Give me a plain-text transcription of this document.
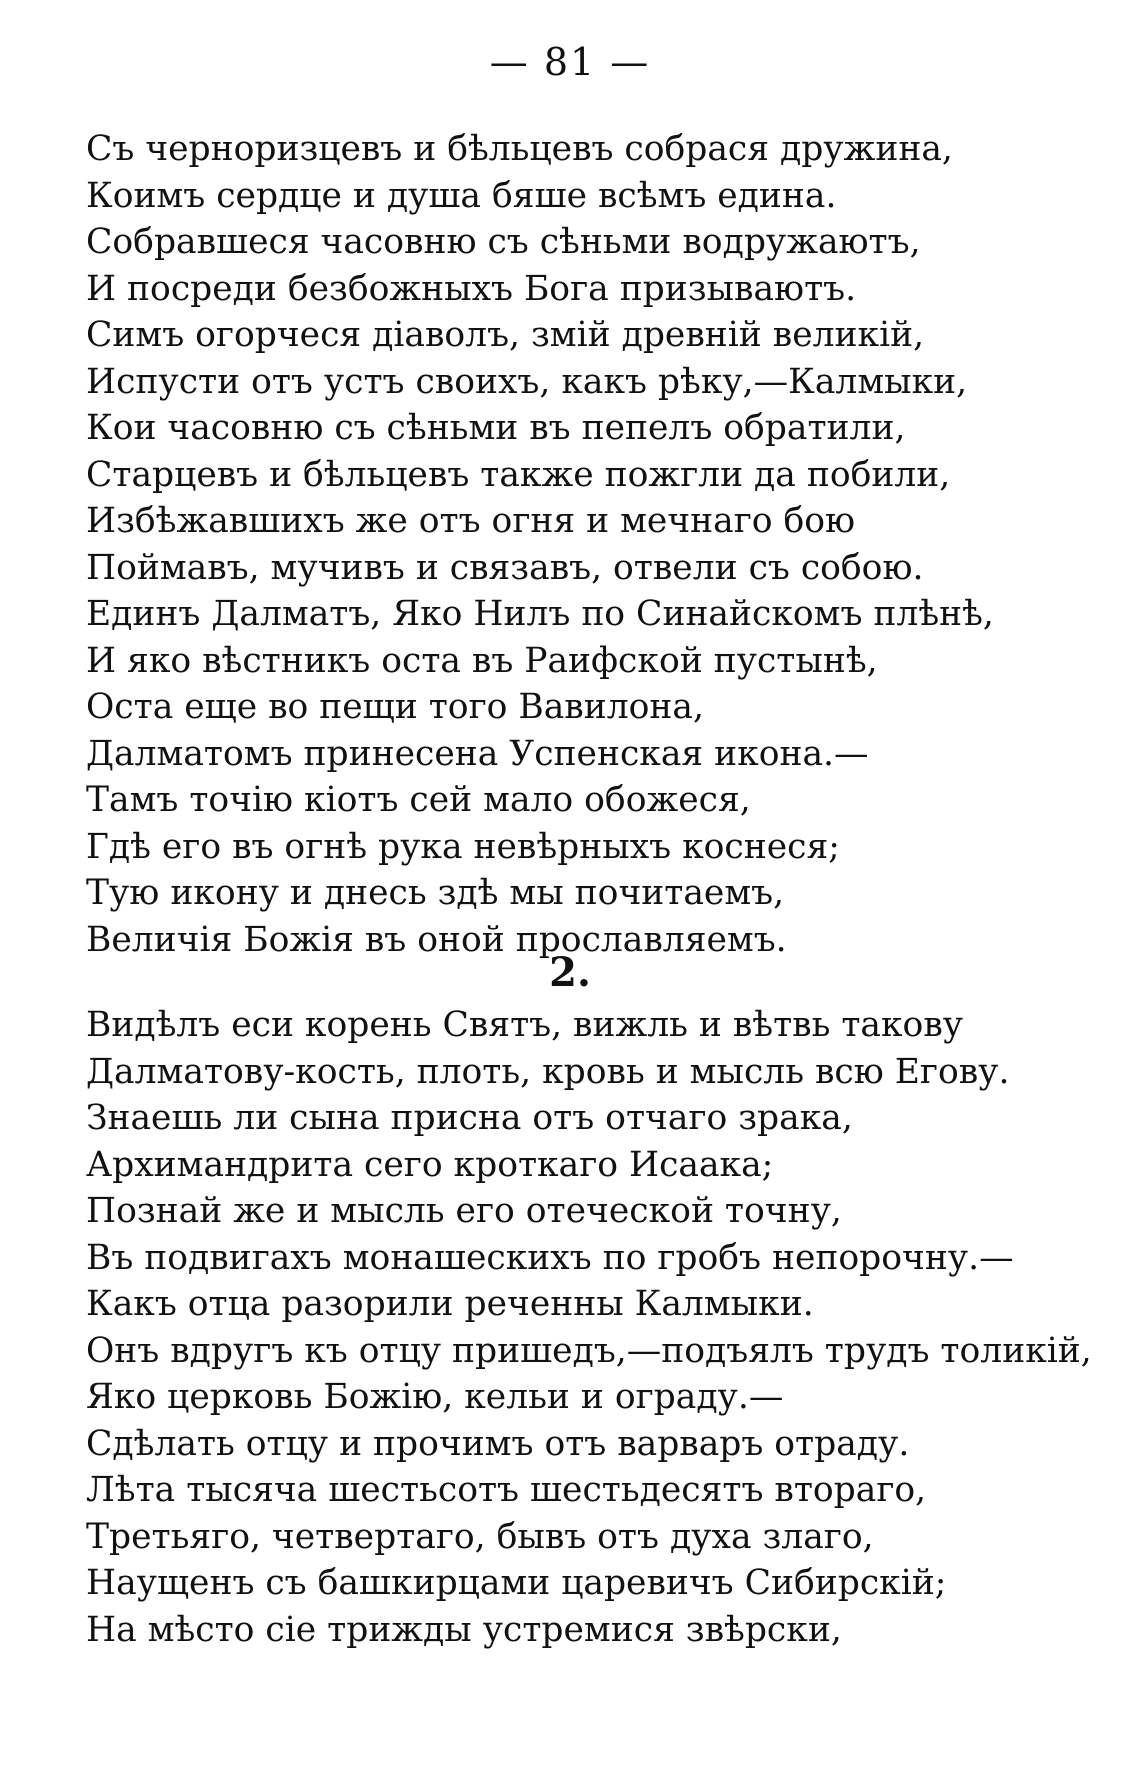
— 81 —
Съ черноризцевъ и бѣльцевъ собрася дружина,
Коимъ сердце и душа бяше всѣмъ едина.
Собравшеся часовню съ сѣньми водружаютъ,
И посреди безбожныхъ Бога призываютъ.
Симъ огорчеся діаволъ, змій древній великій,
Испусти отъ устъ своихъ, какъ рѣку,—Калмыки,
Кои часовню съ сѣньми въ пепелъ обратили,
Старцевъ и бѣльцевъ также пожгли да побили,
Избѣжавшихъ же отъ огня и мечнаго бою
Поймавъ, мучивъ и связавъ, отвели съ собою.
Единъ Далматъ, Яко Нилъ по Синайскомъ плѣнѣ,
И яко вѣстникъ оста въ Раифской пустынѣ,
Оста еще во пещи того Вавилона,
Далматомъ принесена Успенская икона.—
Тамъ точію кіотъ сей мало обожеся,
Гдѣ его въ огнѣ рука невѣрныхъ коснеся;
Тую икону и днесь здѣ мы почитаемъ,
Величія Божія въ оной прославляемъ.
2.
Видѣлъ еси корень Святъ, вижль и вѣтвь такову
Далматову-кость, плоть, кровь и мысль всю Егову.
Знаешь ли сына присна отъ отчаго зрака,
Архимандрита сего кроткаго Исаака;
Познай же и мысль его отеческой точну,
Въ подвигахъ монашескихъ по гробъ непорочну.—
Какъ отца разорили реченны Калмыки.
Онъ вдругъ къ отцу пришедъ,—подъялъ трудъ толикій,
Яко церковь Божію, кельи и ограду.—
Сдѣлать отцу и прочимъ отъ варваръ отраду.
Лѣта тысяча шестьсотъ шестьдесятъ втораго,
Третьяго, четвертаго, бывъ отъ духа злаго,
Наущенъ съ башкирцами царевичъ Сибирскій;
На мѣсто сіе трижды устремися звѣрски,
